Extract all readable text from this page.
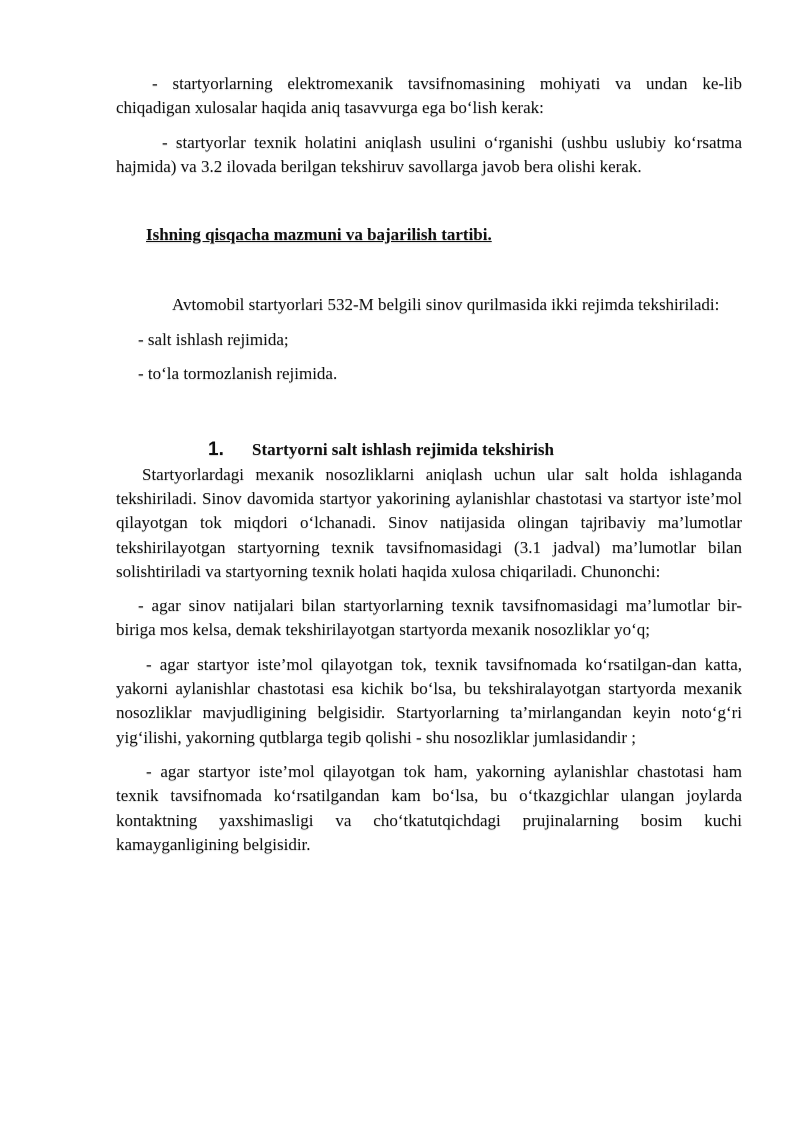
- startyorlarning elektromexanik tavsifnomasining mohiyati va undan ke-lib chiqadigan xulosalar haqida aniq tasavvurga ega bo‘lish kerak:

- startyorlar texnik holatini aniqlash usulini o‘rganishi (ushbu uslubiy ko‘rsatma hajmida) va 3.2 ilovada berilgan tekshiruv savollarga javob bera olishi kerak.

Ishning qisqacha mazmuni va bajarilish tartibi.

Avtomobil startyorlari 532-M belgili sinov qurilmasida ikki rejimda tekshiriladi:

- salt ishlash rejimida;

- to‘la tormozlanish rejimida.

1.	Startyorni salt ishlash rejimida tekshirish

Startyorlardagi mexanik nosozliklarni aniqlash uchun ular salt holda ishlaganda tekshiriladi. Sinov davomida startyor yakorining aylanishlar chastotasi va startyor iste’mol qilayotgan tok miqdori o‘lchanadi. Sinov natijasida olingan tajribaviy ma’lumotlar tekshirilayotgan startyorning texnik tavsifnomasidagi (3.1 jadval) ma’lumotlar bilan solishtiriladi va startyorning texnik holati haqida xulosa chiqariladi. Chunonchi:

- agar sinov natijalari bilan startyorlarning texnik tavsifnomasidagi ma’lumotlar bir-biriga mos kelsa, demak tekshirilayotgan startyorda mexanik nosozliklar yo‘q;

- agar startyor iste’mol qilayotgan tok, texnik tavsifnomada ko‘rsatilgan-dan katta, yakorni aylanishlar chastotasi esa kichik bo‘lsa, bu tekshiralayotgan startyorda mexanik nosozliklar mavjudligining belgisidir. Startyorlarning ta’mirlangandan keyin noto‘g‘ri yig‘ilishi, yakorning qutblarga tegib qolishi - shu nosozliklar jumlasidandir ;

- agar startyor iste’mol qilayotgan tok ham, yakorning aylanishlar chastotasi ham texnik tavsifnomada ko‘rsatilgandan kam bo‘lsa, bu o‘tkazgichlar ulangan joylarda kontaktning yaxshimasligi va cho‘tkatutqichdagi prujinalarning bosim kuchi kamayganligining belgisidir.
